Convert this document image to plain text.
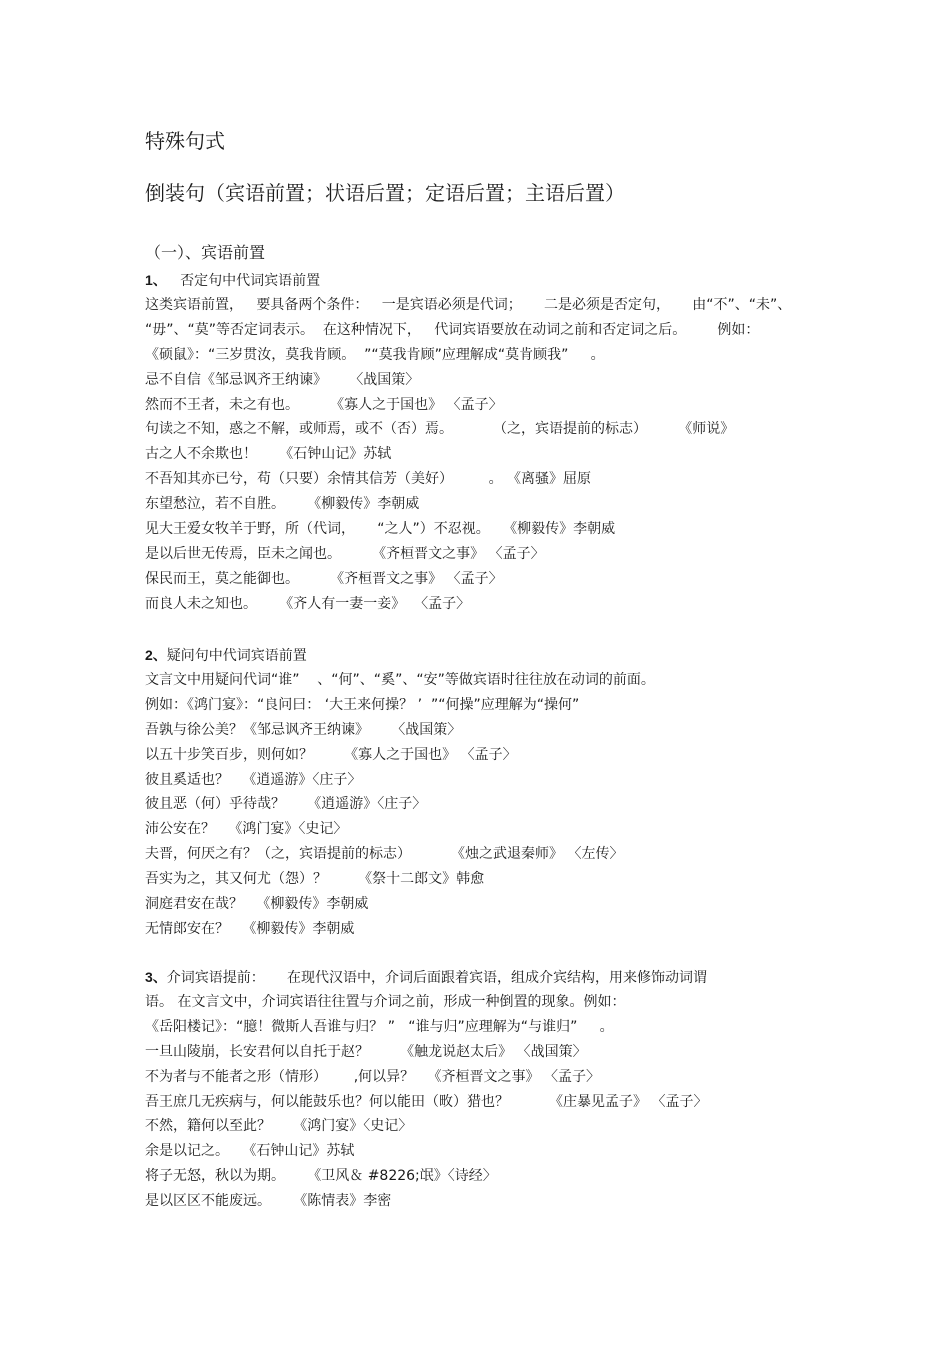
特殊句式
倒装句（宾语前置；状语后置；定语后置；主语后置）
（一）、宾语前置
1、   否定句中代词宾语前置
这类宾语前置，   要具备两个条件：   一是宾语必须是代词；     二是必须是否定句，     由“不”、“未”、
“毋”、“莫”等否定词表示。  在这种情况下，   代词宾语要放在动词之前和否定词之后。       例如：
《硕鼠》：“三岁贯汝，莫我肯顾。  ”“莫我肯顾”应理解成“莫肯顾我”     。
忌不自信《邹忌讽齐王纳谏》     〈战国策〉
然而不王者，未之有也。       《寡人之于国也》 〈孟子〉
句读之不知，惑之不解，或师焉，或不（否）焉。         （之，宾语提前的标志）       《师说》
古之人不余欺也！     《石钟山记》苏轼
不吾知其亦已兮，苟（只要）余情其信芳（美好）        。 《离骚》屈原
东望愁泣，若不自胜。     《柳毅传》李朝威
见大王爱女牧羊于野，所（代词，     “之人”）不忍视。   《柳毅传》李朝威
是以后世无传焉，臣未之闻也。       《齐桓晋文之事》 〈孟子〉
保民而王，莫之能御也。       《齐桓晋文之事》 〈孟子〉
而良人未之知也。     《齐人有一妻一妾》  〈孟子〉
2、疑问句中代词宾语前置
文言文中用疑问代词“谁”    、“何”、“奚”、“安”等做宾语时往往放在动词的前面。
例如：《鸿门宴》：“良问曰： ‘大王来何操？ ’  ”“何操”应理解为“操何”
吾孰与徐公美？《邹忌讽齐王纳谏》     〈战国策〉
以五十步笑百步，则何如？       《寡人之于国也》 〈孟子〉
彼且奚适也？   《逍遥游》〈庄子〉
彼且恶（何）乎待哉？     《逍遥游》〈庄子〉
沛公安在？   《鸿门宴》〈史记〉
夫晋，何厌之有？（之，宾语提前的标志）         《烛之武退秦师》 〈左传〉
吾实为之，其又何尤（怨）？       《祭十二郎文》韩愈
洞庭君安在哉？   《柳毅传》李朝威
无情郎安在？   《柳毅传》李朝威
3、介词宾语提前：     在现代汉语中，介词后面跟着宾语，组成介宾结构，用来修饰动词谓
语。 在文言文中，介词宾语往往置与介词之前，形成一种倒置的现象。例如：
《岳阳楼记》：“臆！微斯人吾谁与归？ ”   “谁与归”应理解为“与谁归”     。
一旦山陵崩，长安君何以自托于赵？       《触龙说赵太后》 〈战国策〉
不为者与不能者之形（情形）      ,何以异？   《齐桓晋文之事》 〈孟子〉
吾王庶几无疾病与，何以能鼓乐也？何以能田（畋）猎也？         《庄暴见孟子》 〈孟子〉
不然，籍何以至此？     《鸿门宴》〈史记〉
余是以记之。   《石钟山记》苏轼
将子无怒，秋以为期。     《卫风＆ #8226;氓》〈诗经〉
是以区区不能废远。     《陈情表》李密
